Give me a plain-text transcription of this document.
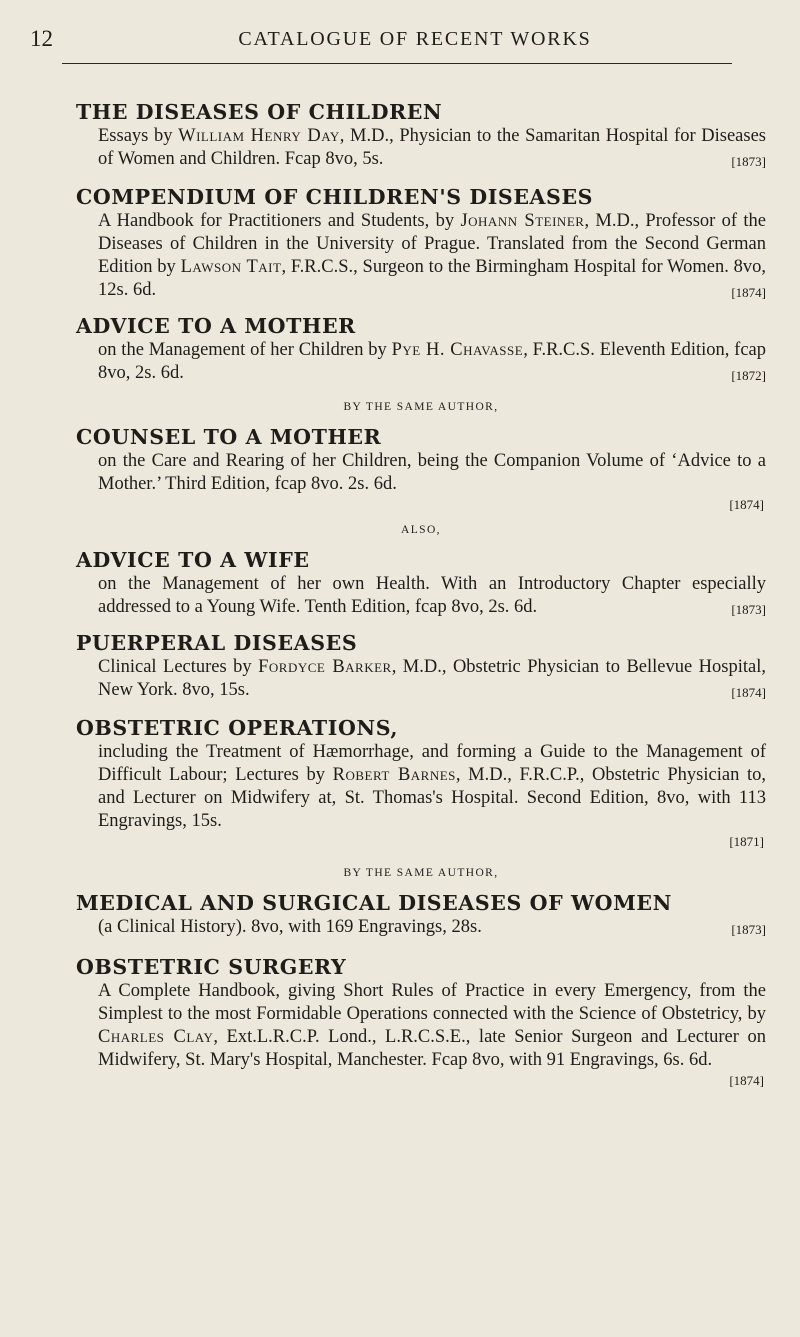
12	CATALOGUE OF RECENT WORKS
THE DISEASES OF CHILDREN
Essays by William Henry Day, M.D., Physician to the Samaritan Hospital for Diseases of Women and Children. Fcap 8vo, 5s.	[1873]
COMPENDIUM OF CHILDREN'S DISEASES
A Handbook for Practitioners and Students, by Johann Steiner, M.D., Professor of the Diseases of Children in the University of Prague. Translated from the Second German Edition by Lawson Tait, F.R.C.S., Surgeon to the Birmingham Hospital for Women. 8vo, 12s. 6d.	[1874]
ADVICE TO A MOTHER
on the Management of her Children by Pye H. Chavasse, F.R.C.S. Eleventh Edition, fcap 8vo, 2s. 6d.	[1872]
BY THE SAME AUTHOR,
COUNSEL TO A MOTHER
on the Care and Rearing of her Children, being the Companion Volume of ‘Advice to a Mother.’ Third Edition, fcap 8vo. 2s. 6d.
[1874]
ALSO,
ADVICE TO A WIFE
on the Management of her own Health. With an Introductory Chapter especially addressed to a Young Wife. Tenth Edition, fcap 8vo, 2s. 6d.	[1873]
PUERPERAL DISEASES
Clinical Lectures by Fordyce Barker, M.D., Obstetric Physician to Bellevue Hospital, New York. 8vo, 15s.	[1874]
OBSTETRIC OPERATIONS,
including the Treatment of Hæmorrhage, and forming a Guide to the Management of Difficult Labour; Lectures by Robert Barnes, M.D., F.R.C.P., Obstetric Physician to, and Lecturer on Midwifery at, St. Thomas's Hospital. Second Edition, 8vo, with 113 Engravings, 15s.
[1871]
BY THE SAME AUTHOR,
MEDICAL AND SURGICAL DISEASES OF WOMEN
(a Clinical History). 8vo, with 169 Engravings, 28s.	[1873]
OBSTETRIC SURGERY
A Complete Handbook, giving Short Rules of Practice in every Emergency, from the Simplest to the most Formidable Operations connected with the Science of Obstetricy, by Charles Clay, Ext.L.R.C.P. Lond., L.R.C.S.E., late Senior Surgeon and Lecturer on Midwifery, St. Mary's Hospital, Manchester. Fcap 8vo, with 91 Engravings, 6s. 6d.
[1874]
